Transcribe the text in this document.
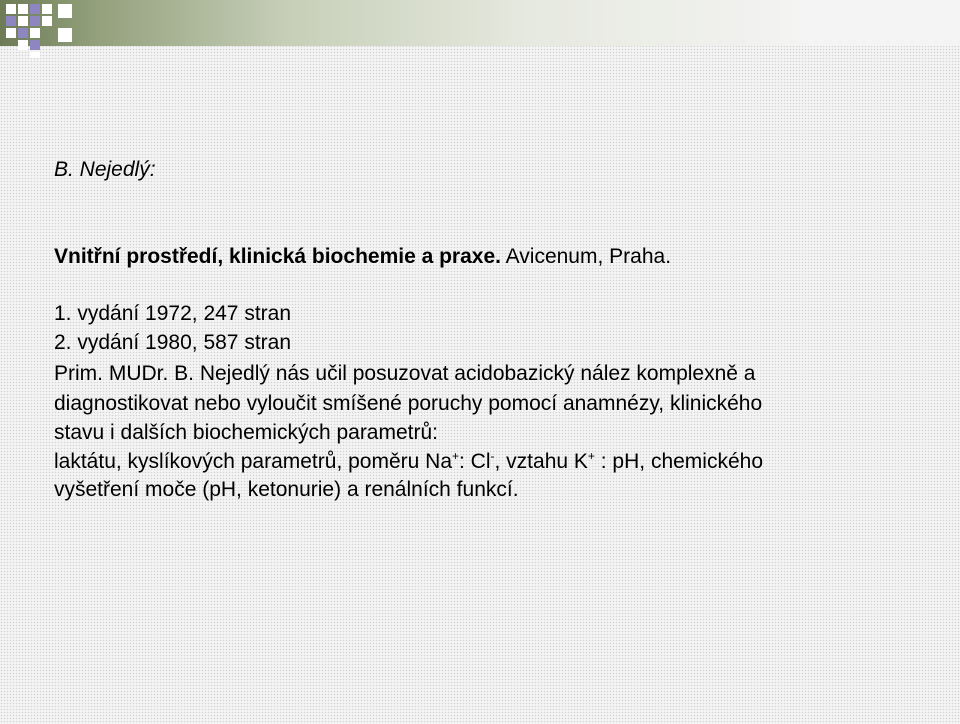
B. Nejedlý:
Vnitřní prostředí, klinická biochemie a praxe. Avicenum, Praha.
1. vydání 1972, 247 stran
2. vydání 1980, 587 stran
Prim. MUDr. B. Nejedlý nás učil posuzovat acidobazický nález komplexně a
diagnostikovat nebo vyloučit smíšené poruchy pomocí anamnézy, klinického
stavu i dalších biochemických parametrů:
laktátu, kyslíkových parametrů, poměru Na+: Cl-, vztahu K+ : pH, chemického
vyšetření moče (pH, ketonurie) a renálních funkcí.
